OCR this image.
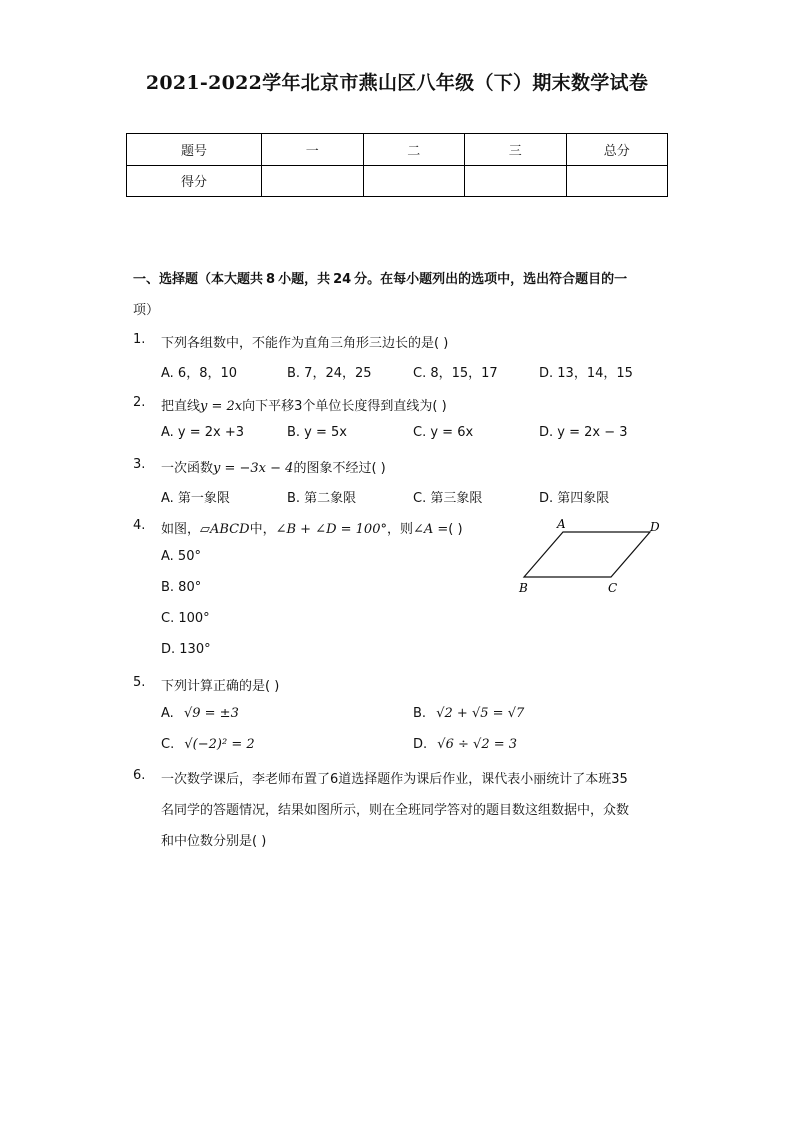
2021-2022学年北京市燕山区八年级（下）期末数学试卷
题号	一	二	三	总分
得分				
一、选择题（本大题共 8 小题，共 24 分。在每小题列出的选项中，选出符合题目的一
项）
1.	下列各组数中，不能作为直角三角形三边长的是( )
A. 6，8，10	B. 7，24，25	C. 8，15，17	D. 13，14，15
2.	把直线y = 2x向下平移3个单位长度得到直线为( )
A. y = 2x +3	B. y = 5x	C. y = 6x	D. y = 2x − 3
3.	一次函数y = −3x − 4的图象不经过( )
A. 第一象限	B. 第二象限	C. 第三象限	D. 第四象限
4.	如图，▱ABCD中，∠B + ∠D = 100°，则∠A =( )
A. 50°
B. 80°
C. 100°
D. 130°
A	D
B	C
5.	下列计算正确的是( )
A. √9 = ±3	B. √2 + √5 = √7
C. √(−2)² = 2	D. √6 ÷ √2 = 3
6.	一次数学课后，李老师布置了6道选择题作为课后作业，课代表小丽统计了本班35
名同学的答题情况，结果如图所示，则在全班同学答对的题目数这组数据中，众数
和中位数分别是( )
